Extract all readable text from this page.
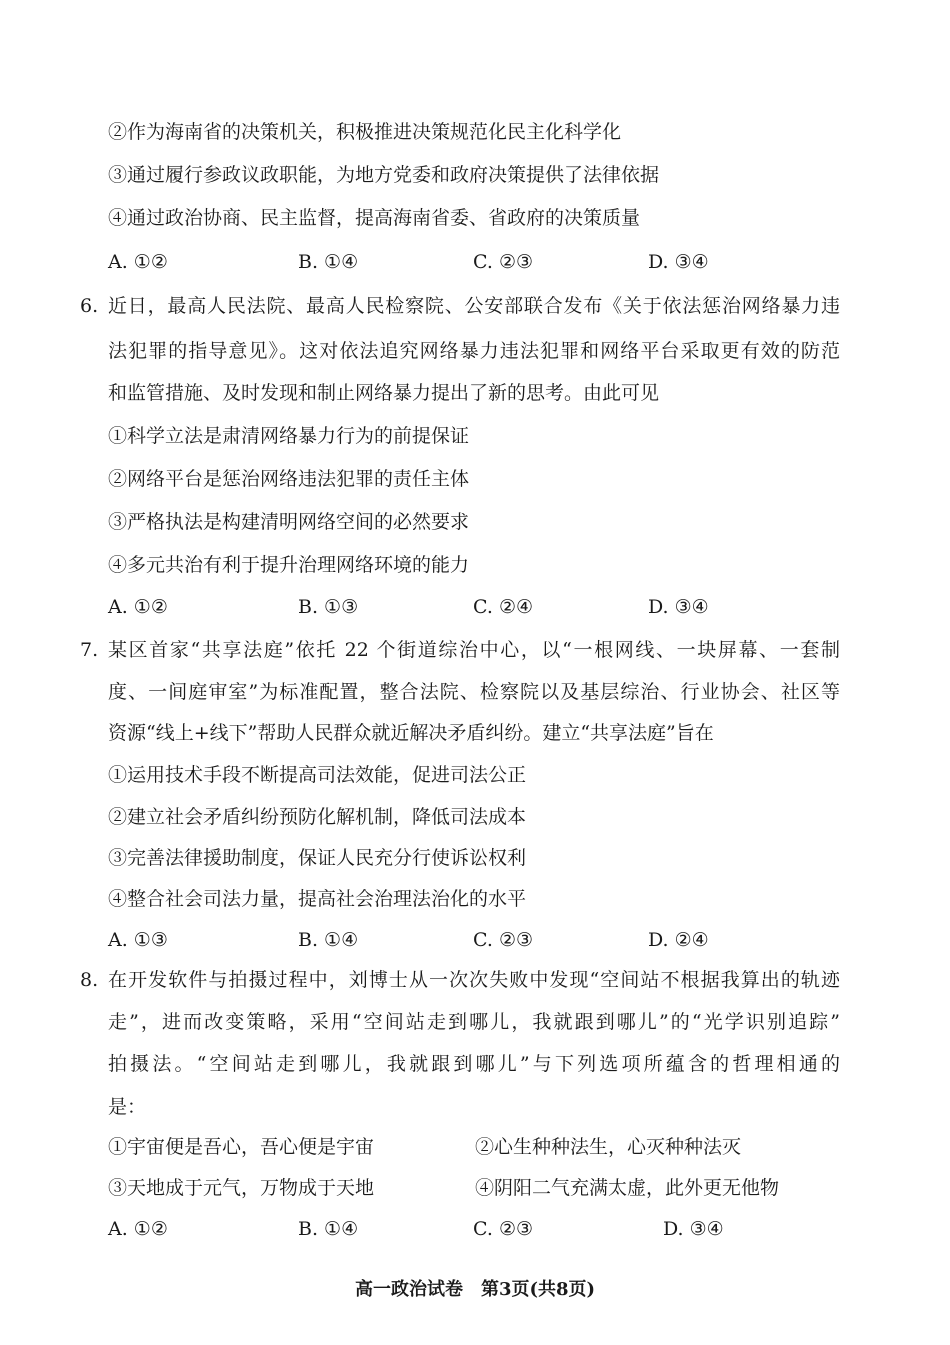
②作为海南省的决策机关，积极推进决策规范化民主化科学化
③通过履行参政议政职能，为地方党委和政府决策提供了法律依据
④通过政治协商、民主监督，提高海南省委、省政府的决策质量
A. ①②	B. ①④	C. ②③	D. ③④
6. 近日，最高人民法院、最高人民检察院、公安部联合发布《关于依法惩治网络暴力违
法犯罪的指导意见》。这对依法追究网络暴力违法犯罪和网络平台采取更有效的防范
和监管措施、及时发现和制止网络暴力提出了新的思考。由此可见
①科学立法是肃清网络暴力行为的前提保证
②网络平台是惩治网络违法犯罪的责任主体
③严格执法是构建清明网络空间的必然要求
④多元共治有利于提升治理网络环境的能力
A. ①②	B. ①③	C. ②④	D. ③④
7. 某区首家“共享法庭”依托 22 个街道综治中心，以“一根网线、一块屏幕、一套制
度、一间庭审室”为标准配置，整合法院、检察院以及基层综治、行业协会、社区等
资源“线上+线下”帮助人民群众就近解决矛盾纠纷。建立“共享法庭”旨在
①运用技术手段不断提高司法效能，促进司法公正
②建立社会矛盾纠纷预防化解机制，降低司法成本
③完善法律援助制度，保证人民充分行使诉讼权利
④整合社会司法力量，提高社会治理法治化的水平
A. ①③	B. ①④	C. ②③	D. ②④
8. 在开发软件与拍摄过程中，刘博士从一次次失败中发现“空间站不根据我算出的轨迹
走”，进而改变策略，采用“空间站走到哪儿，我就跟到哪儿”的“光学识别追踪”
拍摄法。“空间站走到哪儿，我就跟到哪儿”与下列选项所蕴含的哲理相通的
是：
①宇宙便是吾心，吾心便是宇宙	②心生种种法生，心灭种种法灭
③天地成于元气，万物成于天地	④阴阳二气充满太虚，此外更无他物
A. ①②	B. ①④	C. ②③	D. ③④
高一政治试卷　第3页(共8页)
